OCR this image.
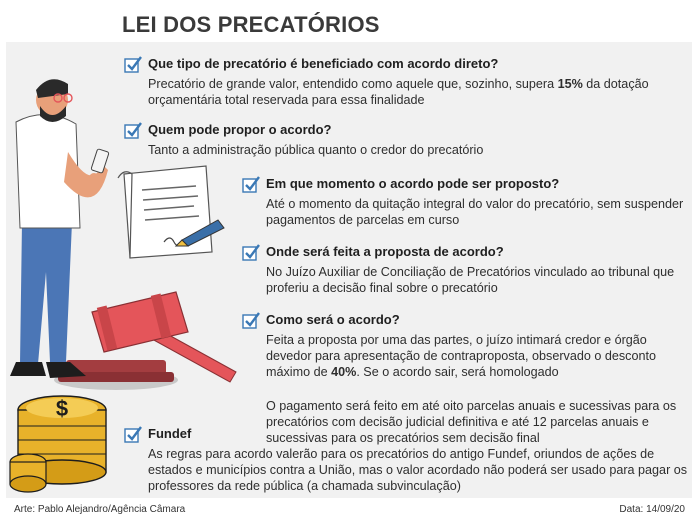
LEI DOS PRECATÓRIOS
$
Que tipo de precatório é beneficiado com acordo direto?
Precatório de grande valor, entendido como aquele que, sozinho, supera 15% da dotação orçamentária total reservada para essa finalidade
Quem pode propor o acordo?
Tanto a administração pública quanto o credor do precatório
Em que momento o acordo pode ser proposto?
Até o momento da quitação integral do valor do precatório, sem suspender pagamentos de parcelas em curso
Onde será feita a proposta de acordo?
No Juízo Auxiliar de Conciliação de Precatórios vinculado ao tribunal que proferiu a decisão final sobre o precatório
Como será o acordo?
Feita a proposta por uma das partes, o juízo intimará credor e órgão devedor para apresentação de contraproposta, observado o desconto máximo de 40%. Se o acordo sair, será homologado
O pagamento será feito em até oito parcelas anuais e sucessivas para os precatórios com decisão judicial definitiva e até 12 parcelas anuais e sucessivas para os precatórios sem decisão final
Fundef
As regras para acordo valerão para os precatórios do antigo Fundef, oriundos de ações de estados e municípios contra a União, mas o valor acordado não poderá ser usado para pagar os professores da rede pública (a chamada subvinculação)
Arte: Pablo Alejandro/Agência Câmara	Data: 14/09/20
